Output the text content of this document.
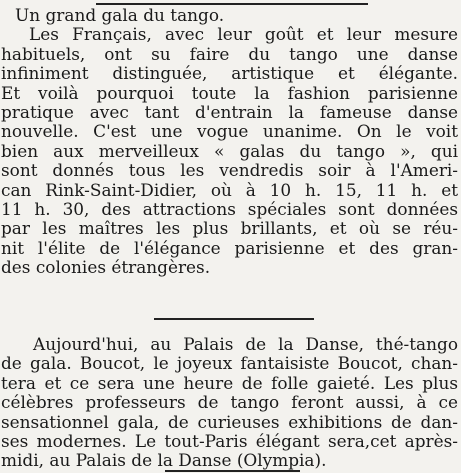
Un grand gala du tango.
Les Français, avec leur goût et leur mesure
habituels, ont su faire du tango une danse
infiniment distinguée, artistique et élégante.
Et voilà pourquoi toute la fashion parisienne
pratique avec tant d'entrain la fameuse danse
nouvelle. C'est une vogue unanime. On le voit
bien aux merveilleux « galas du tango », qui
sont donnés tous les vendredis soir à l'Ameri-
can Rink-Saint-Didier, où à 10 h. 15, 11 h. et
11 h. 30, des attractions spéciales sont données
par les maîtres les plus brillants, et où se réu-
nit l'élite de l'élégance parisienne et des gran-
des colonies étrangères.
Aujourd'hui, au Palais de la Danse, thé-tango
de gala. Boucot, le joyeux fantaisiste Boucot, chan-
tera et ce sera une heure de folle gaieté. Les plus
célèbres professeurs de tango feront aussi, à ce
sensationnel gala, de curieuses exhibitions de dan-
ses modernes. Le tout-Paris élégant sera,cet après-
midi, au Palais de la Danse (Olympia).
